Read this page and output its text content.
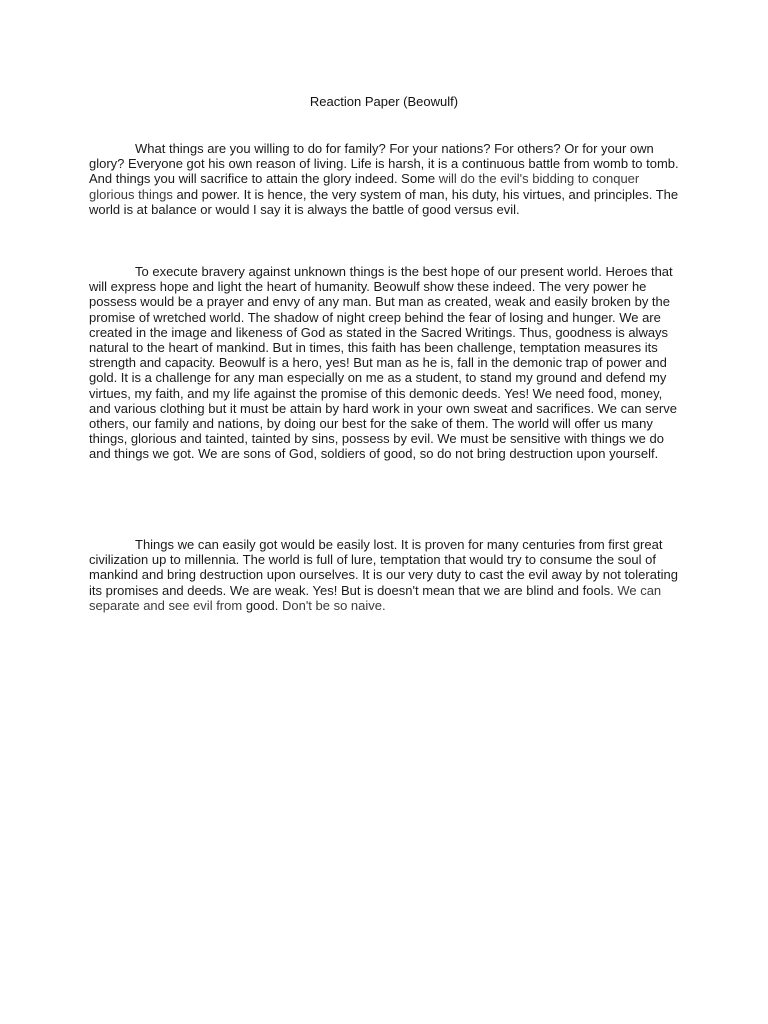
Reaction Paper (Beowulf)

What things are you willing to do for family? For your nations? For others? Or for your own glory? Everyone got his own reason of living. Life is harsh, it is a continuous battle from womb to tomb. And things you will sacrifice to attain the glory indeed. Some will do the evil's bidding to conquer glorious things and power. It is hence, the very system of man, his duty, his virtues, and principles. The world is at balance or would I say it is always the battle of good versus evil.

To execute bravery against unknown things is the best hope of our present world. Heroes that will express hope and light the heart of humanity. Beowulf show these indeed. The very power he possess would be a prayer and envy of any man. But man as created, weak and easily broken by the promise of wretched world. The shadow of night creep behind the fear of losing and hunger. We are created in the image and likeness of God as stated in the Sacred Writings. Thus, goodness is always natural to the heart of mankind. But in times, this faith has been challenge, temptation measures its strength and capacity. Beowulf is a hero, yes! But man as he is, fall in the demonic trap of power and gold. It is a challenge for any man especially on me as a student, to stand my ground and defend my virtues, my faith, and my life against the promise of this demonic deeds. Yes! We need food, money, and various clothing but it must be attain by hard work in your own sweat and sacrifices. We can serve others, our family and nations, by doing our best for the sake of them. The world will offer us many things, glorious and tainted, tainted by sins, possess by evil. We must be sensitive with things we do and things we got. We are sons of God, soldiers of good, so do not bring destruction upon yourself.

Things we can easily got would be easily lost. It is proven for many centuries from first great civilization up to millennia. The world is full of lure, temptation that would try to consume the soul of mankind and bring destruction upon ourselves. It is our very duty to cast the evil away by not tolerating its promises and deeds. We are weak. Yes! But is doesn't mean that we are blind and fools. We can separate and see evil from good. Don't be so naive.
